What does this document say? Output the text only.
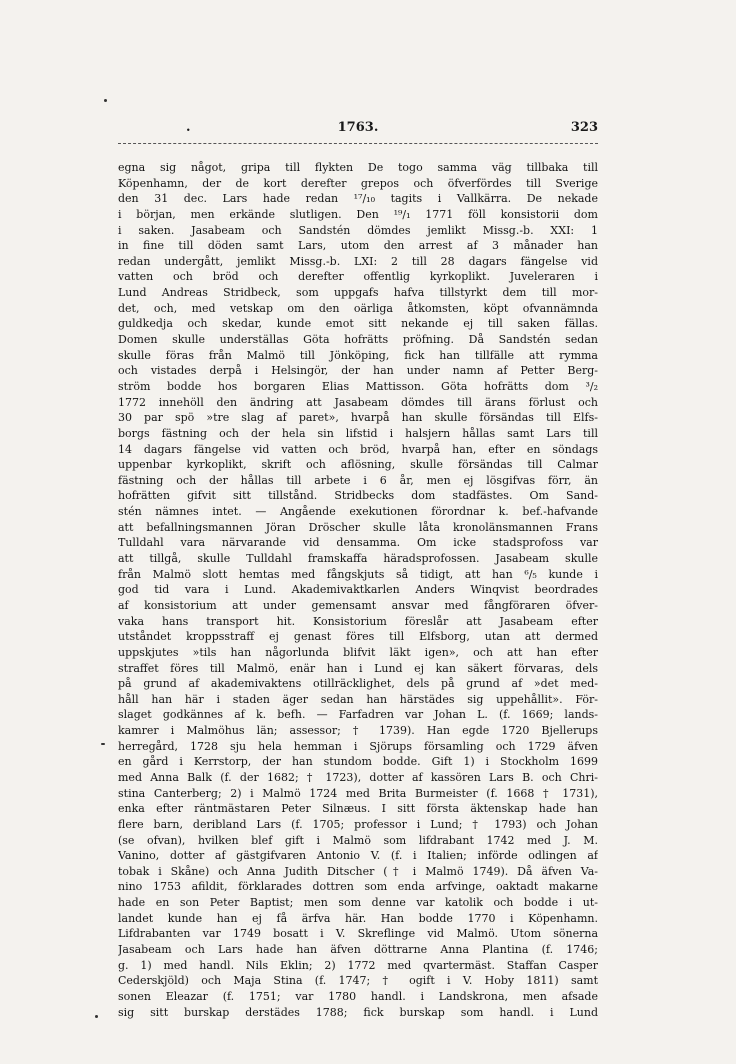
.	1763.	323
egna sig något, gripa till flykten De togo samma väg tillbaka till
Köpenhamn, der de kort derefter grepos och öfverfördes till Sverige
den 31 dec. Lars hade redan ¹⁷/₁₀ tagits i Vallkärra. De nekade
i början, men erkände slutligen. Den ¹⁹/₁ 1771 föll konsistorii dom
i saken. Jasabeam och Sandstén dömdes jemlikt Missg.-b. XXI: 1
in fine till döden samt Lars, utom den arrest af 3 månader han
redan undergått, jemlikt Missg.-b. LXI: 2 till 28 dagars fängelse vid
vatten och bröd och derefter offentlig kyrkoplikt. Juveleraren i
Lund Andreas Stridbeck, som uppgafs hafva tillstyrkt dem till mor-
det, och, med vetskap om den oärliga åtkomsten, köpt ofvannämnda
guldkedja och skedar, kunde emot sitt nekande ej till saken fällas.
Domen skulle underställas Göta hofrätts pröfning. Då Sandstén sedan
skulle föras från Malmö till Jönköping, fick han tillfälle att rymma
och vistades derpå i Helsingör, der han under namn af Petter Berg-
ström bodde hos borgaren Elias Mattisson. Göta hofrätts dom ³/₂
1772 innehöll den ändring att Jasabeam dömdes till ärans förlust och
30 par spö »tre slag af paret», hvarpå han skulle försändas till Elfs-
borgs fästning och der hela sin lifstid i halsjern hållas samt Lars till
14 dagars fängelse vid vatten och bröd, hvarpå han, efter en söndags
uppenbar kyrkoplikt, skrift och aflösning, skulle försändas till Calmar
fästning och der hållas till arbete i 6 år, men ej lösgifvas förr, än
hofrätten gifvit sitt tillstånd. Stridbecks dom stadfästes. Om Sand-
stén nämnes intet. — Angående exekutionen förordnar k. bef.-hafvande
att befallningsmannen Jöran Dröscher skulle låta kronolänsmannen Frans
Tulldahl vara närvarande vid densamma. Om icke stadsprofoss var
att tillgå, skulle Tulldahl framskaffa häradsprofossen. Jasabeam skulle
från Malmö slott hemtas med fångskjuts så tidigt, att han ⁶/₅ kunde i
god tid vara i Lund. Akademivaktkarlen Anders Winqvist beordrades
af konsistorium att under gemensamt ansvar med fångföraren öfver-
vaka hans transport hit. Konsistorium föreslår att Jasabeam efter
utståndet kroppsstraff ej genast föres till Elfsborg, utan att dermed
uppskjutes »tils han någorlunda blifvit läkt igen», och att han efter
straffet föres till Malmö, enär han i Lund ej kan säkert förvaras, dels
på grund af akademivaktens otillräcklighet, dels på grund af »det med-
håll han här i staden äger sedan han härstädes sig uppehållit». För-
slaget godkännes af k. befh. — Farfadren var Johan L. (f. 1669; lands-
kamrer i Malmöhus län; assessor; † 1739). Han egde 1720 Bjellerups
herregård, 1728 sju hela hemman i Sjörups församling och 1729 äfven
en gård i Kerrstorp, der han stundom bodde. Gift 1) i Stockholm 1699
med Anna Balk (f. der 1682; † 1723), dotter af kassören Lars B. och Chri-
stina Canterberg; 2) i Malmö 1724 med Brita Burmeister (f. 1668 † 1731),
enka efter räntmästaren Peter Silnæus. I sitt första äktenskap hade han
flere barn, deribland Lars (f. 1705; professor i Lund; † 1793) och Johan
(se ofvan), hvilken blef gift i Malmö som lifdrabant 1742 med J. M.
Vanino, dotter af gästgifvaren Antonio V. (f. i Italien; införde odlingen af
tobak i Skåne) och Anna Judith Ditscher († i Malmö 1749). Då äfven Va-
nino 1753 afildit, förklarades dottren som enda arfvinge, oaktadt makarne
hade en son Peter Baptist; men som denne var katolik och bodde i ut-
landet kunde han ej få ärfva här. Han bodde 1770 i Köpenhamn.
Lifdrabanten var 1749 bosatt i V. Skreflinge vid Malmö. Utom sönerna
Jasabeam och Lars hade han äfven döttrarne Anna Plantina (f. 1746;
g. 1) med handl. Nils Eklin; 2) 1772 med qvartermäst. Staffan Casper
Cederskjöld) och Maja Stina (f. 1747; † ogift i V. Hoby 1811) samt
sonen Eleazar (f. 1751; var 1780 handl. i Landskrona, men afsade
sig sitt burskap derstädes 1788; fick burskap som handl. i Lund
